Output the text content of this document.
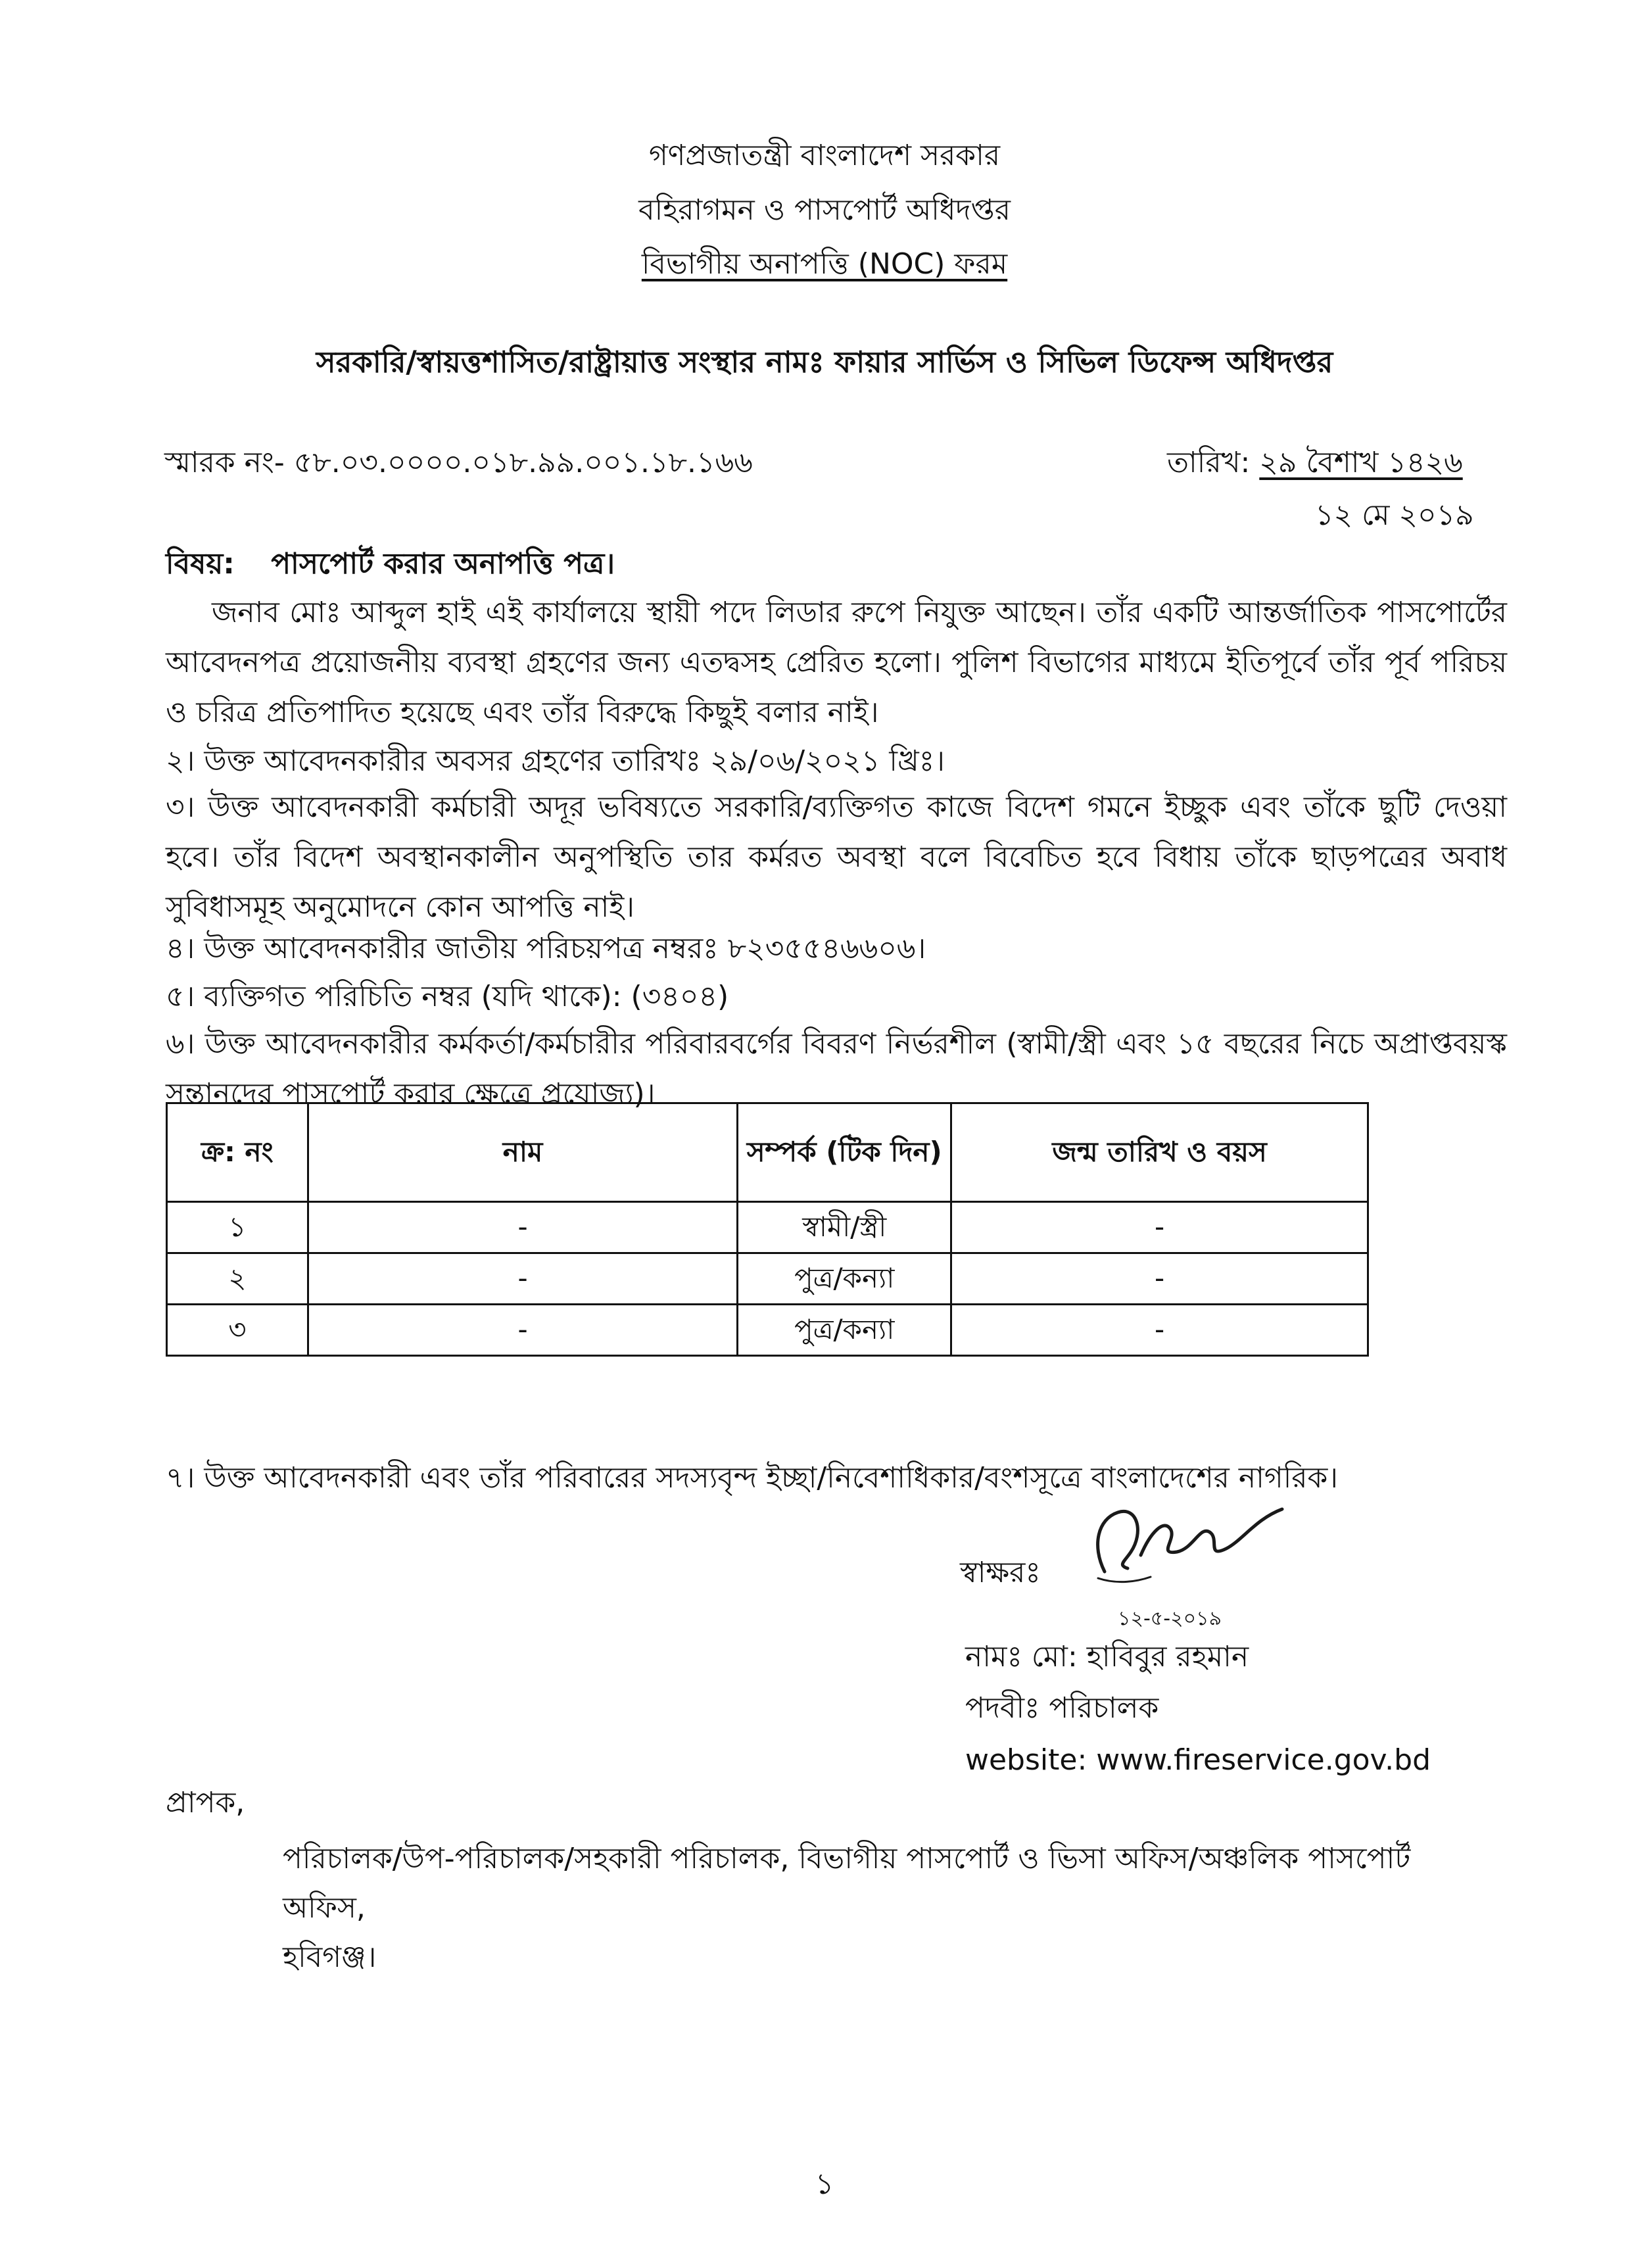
গণপ্রজাতন্ত্রী বাংলাদেশ সরকার
বহিরাগমন ও পাসপোর্ট অধিদপ্তর
বিভাগীয় অনাপত্তি (NOC) ফরম
সরকারি/স্বায়ত্তশাসিত/রাষ্ট্রায়াত্ত সংস্থার নামঃ ফায়ার সার্ভিস ও সিভিল ডিফেন্স অধিদপ্তর
স্মারক নং- ৫৮.০৩.০০০০.০১৮.৯৯.০০১.১৮.১৬৬	তারিখ: ২৯ বৈশাখ ১৪২৬
১২ মে ২০১৯
বিষয়: পাসপোর্ট করার অনাপত্তি পত্র।
জনাব মোঃ আব্দুল হাই এই কার্যালয়ে স্থায়ী পদে লিডার রুপে নিযুক্ত আছেন। তাঁর একটি আন্তর্জাতিক পাসপোর্টের আবেদনপত্র প্রয়োজনীয় ব্যবস্থা গ্রহণের জন্য এতদ্বসহ প্রেরিত হলো। পুলিশ বিভাগের মাধ্যমে ইতিপূর্বে তাঁর পূর্ব পরিচয় ও চরিত্র প্রতিপাদিত হয়েছে এবং তাঁর বিরুদ্ধে কিছুই বলার নাই।
২। উক্ত আবেদনকারীর অবসর গ্রহণের তারিখঃ ২৯/০৬/২০২১ খ্রিঃ।
৩। উক্ত আবেদনকারী কর্মচারী অদূর ভবিষ্যতে সরকারি/ব্যক্তিগত কাজে বিদেশ গমনে ইচ্ছুক এবং তাঁকে ছুটি দেওয়া হবে। তাঁর বিদেশ অবস্থানকালীন অনুপস্থিতি তার কর্মরত অবস্থা বলে বিবেচিত হবে বিধায় তাঁকে ছাড়পত্রের অবাধ সুবিধাসমূহ অনুমোদনে কোন আপত্তি নাই।
৪। উক্ত আবেদনকারীর জাতীয় পরিচয়পত্র নম্বরঃ ৮২৩৫৫৪৬৬০৬।
৫। ব্যক্তিগত পরিচিতি নম্বর (যদি থাকে): (৩৪০৪)
৬। উক্ত আবেদনকারীর কর্মকর্তা/কর্মচারীর পরিবারবর্গের বিবরণ নির্ভরশীল (স্বামী/স্ত্রী এবং ১৫ বছরের নিচে অপ্রাপ্তবয়স্ক সন্তানদের পাসপোর্ট করার ক্ষেত্রে প্রযোজ্য)।
ক্র: নং	নাম	সম্পর্ক (টিক দিন)	জন্ম তারিখ ও বয়স
১	-	স্বামী/স্ত্রী	-
২	-	পুত্র/কন্যা	-
৩	-	পুত্র/কন্যা	-
৭। উক্ত আবেদনকারী এবং তাঁর পরিবারের সদস্যবৃন্দ ইচ্ছা/নিবেশাধিকার/বংশসূত্রে বাংলাদেশের নাগরিক।
স্বাক্ষরঃ
১২-৫-২০১৯
নামঃ মো: হাবিবুর রহমান
পদবীঃ পরিচালক
website: www.fireservice.gov.bd
প্রাপক,
পরিচালক/উপ-পরিচালক/সহকারী পরিচালক, বিভাগীয় পাসপোর্ট ও ভিসা অফিস/অঞ্চলিক পাসপোর্ট
অফিস,
হবিগঞ্জ।
১
